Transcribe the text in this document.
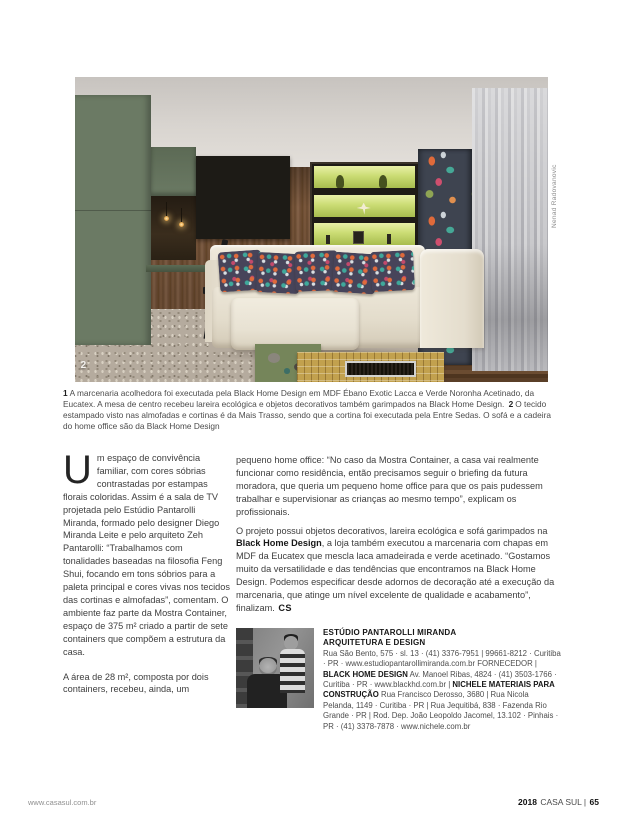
2
Nenad Radovanovic

1 A marcenaria acolhedora foi executada pela Black Home Design em MDF Ébano Exotic Lacca e Verde Noronha Acetinado, da Eucatex. A mesa de centro recebeu lareira ecológica e objetos decorativos também garimpados na Black Home Design. 2 O tecido estampado visto nas almofadas e cortinas é da Mais Trasso, sendo que a cortina foi executada pela Entre Sedas. O sofá e a cadeira do home office são da Black Home Design

Um espaço de convivência familiar, com cores sóbrias contrastadas por estampas florais coloridas. Assim é a sala de TV projetada pelo Estúdio Pantarolli Miranda, formado pelo designer Diego Miranda Leite e pelo arquiteto Zeh Pantarolli: “Trabalhamos com tonalidades baseadas na filosofia Feng Shui, focando em tons sóbrios para a paleta principal e cores vivas nos tecidos das cortinas e almofadas”, comentam. O ambiente faz parte da Mostra Container, espaço de 375 m² criado a partir de sete containers que compõem a estrutura da casa.

A área de 28 m², composta por dois containers, recebeu, ainda, um

pequeno home office: “No caso da Mostra Container, a casa vai realmente funcionar como residência, então precisamos seguir o briefing da futura moradora, que queria um pequeno home office para que os pais pudessem trabalhar e supervisionar as crianças ao mesmo tempo”, explicam os profissionais.

O projeto possui objetos decorativos, lareira ecológica e sofá garimpados na Black Home Design, a loja também executou a marcenaria com chapas em MDF da Eucatex que mescla laca amadeirada e verde acetinado. “Gostamos muito da versatilidade e das tendências que encontramos na Black Home Design. Podemos especificar desde adornos de decoração até a execução da marcenaria, que atinge um nível excelente de qualidade e acabamento”, finalizam. CS

ESTÚDIO PANTAROLLI MIRANDA
ARQUITETURA E DESIGN
Rua São Bento, 575 · sl. 13 · (41) 3376-7951 | 99661-8212 · Curitiba · PR · www.estudiopantarollimiranda.com.br FORNECEDOR | BLACK HOME DESIGN Av. Manoel Ribas, 4824 · (41) 3503-1766 · Curitiba · PR · www.blackhd.com.br | NICHELE MATERIAIS PARA CONSTRUÇÃO Rua Francisco Derosso, 3680 | Rua Nicola Pelanda, 1149 · Curitiba · PR | Rua Jequitibá, 838 · Fazenda Rio Grande · PR | Rod. Dep. João Leopoldo Jacomel, 13.102 · Pinhais · PR · (41) 3378-7878 · www.nichele.com.br
www.casasul.com.br	2018 CASA SUL | 65
